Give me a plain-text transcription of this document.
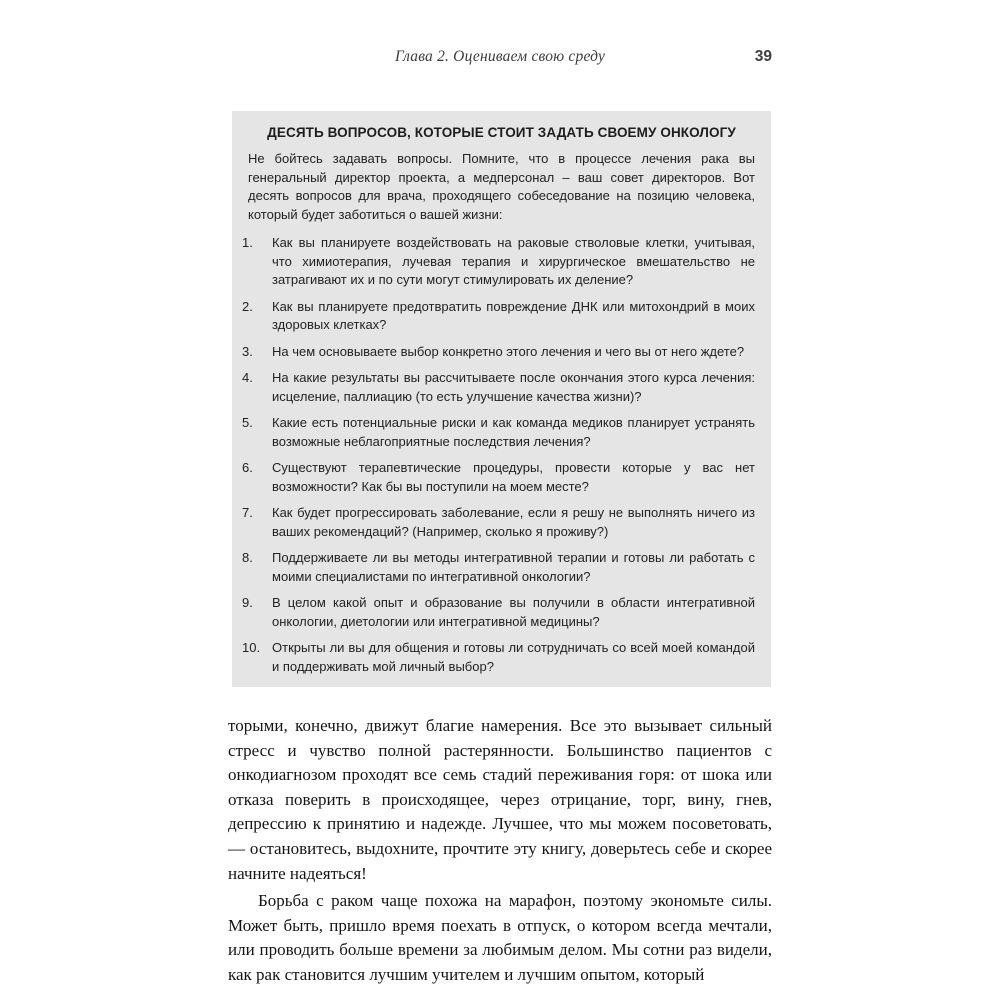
Глава 2. Оцениваем свою среду	39
ДЕСЯТЬ ВОПРОСОВ, КОТОРЫЕ СТОИТ ЗАДАТЬ СВОЕМУ ОНКОЛОГУ
Не бойтесь задавать вопросы. Помните, что в процессе лечения рака вы генеральный директор проекта, а медперсонал – ваш совет директоров. Вот десять вопросов для врача, проходящего собеседование на позицию человека, который будет заботиться о вашей жизни:
1.	Как вы планируете воздействовать на раковые стволовые клетки, учитывая, что химиотерапия, лучевая терапия и хирургическое вмешательство не затрагивают их и по сути могут стимулировать их деление?
2.	Как вы планируете предотвратить повреждение ДНК или митохондрий в моих здоровых клетках?
3.	На чем основываете выбор конкретно этого лечения и чего вы от него ждете?
4.	На какие результаты вы рассчитываете после окончания этого курса лечения: исцеление, паллиацию (то есть улучшение качества жизни)?
5.	Какие есть потенциальные риски и как команда медиков планирует устранять возможные неблагоприятные последствия лечения?
6.	Существуют терапевтические процедуры, провести которые у вас нет возможности? Как бы вы поступили на моем месте?
7.	Как будет прогрессировать заболевание, если я решу не выполнять ничего из ваших рекомендаций? (Например, сколько я проживу?)
8.	Поддерживаете ли вы методы интегративной терапии и готовы ли работать с моими специалистами по интегративной онкологии?
9.	В целом какой опыт и образование вы получили в области интегративной онкологии, диетологии или интегративной медицины?
10. Открыты ли вы для общения и готовы ли сотрудничать со всей моей командой и поддерживать мой личный выбор?

торыми, конечно, движут благие намерения. Все это вызывает сильный стресс и чувство полной растерянности. Большинство пациентов с онкодиагнозом проходят все семь стадий переживания горя: от шока или отказа поверить в происходящее, через отрицание, торг, вину, гнев, депрессию к принятию и надежде. Лучшее, что мы можем посоветовать, — остановитесь, выдохните, прочтите эту книгу, доверьтесь себе и скорее начните надеяться!

Борьба с раком чаще похожа на марафон, поэтому экономьте силы. Может быть, пришло время поехать в отпуск, о котором всегда мечтали, или проводить больше времени за любимым делом. Мы сотни раз видели, как рак становится лучшим учителем и лучшим опытом, который
